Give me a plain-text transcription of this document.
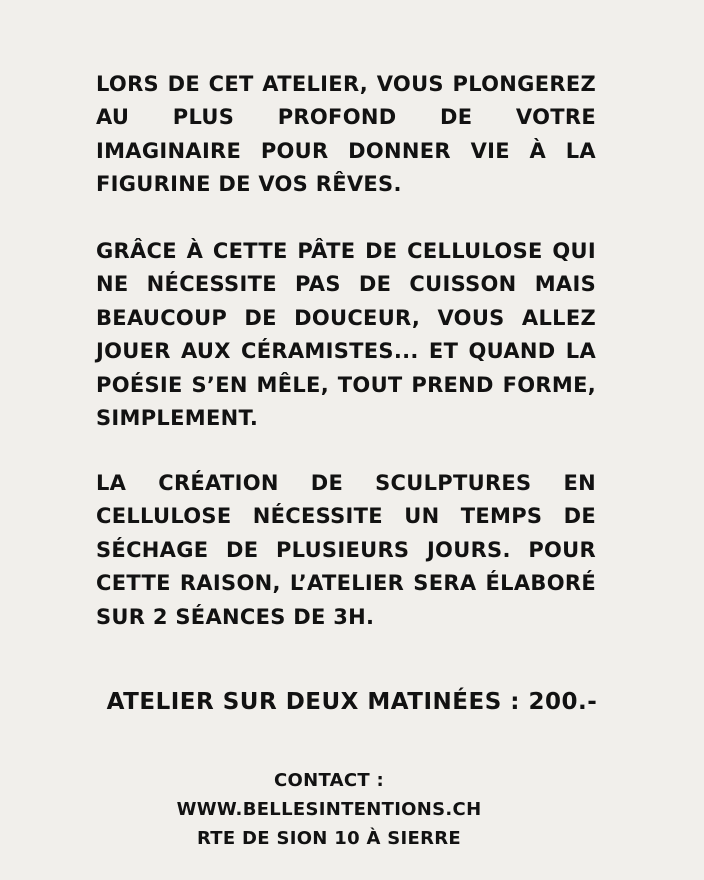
LORS DE CET ATELIER, VOUS PLONGEREZ AU PLUS PROFOND DE VOTRE IMAGINAIRE POUR DONNER VIE À LA FIGURINE DE VOS RÊVES.

GRÂCE À CETTE PÂTE DE CELLULOSE QUI NE NÉCESSITE PAS DE CUISSON MAIS BEAUCOUP DE DOUCEUR, VOUS ALLEZ JOUER AUX CÉRAMISTES... ET QUAND LA POÉSIE S’EN MÊLE, TOUT PREND FORME, SIMPLEMENT.

LA CRÉATION DE SCULPTURES EN CELLULOSE NÉCESSITE UN TEMPS DE SÉCHAGE DE PLUSIEURS JOURS. POUR CETTE RAISON, L’ATELIER SERA ÉLABORÉ SUR 2 SÉANCES DE 3H.

ATELIER SUR DEUX MATINÉES : 200.-

CONTACT :
WWW.BELLESINTENTIONS.CH
RTE DE SION 10 À SIERRE
